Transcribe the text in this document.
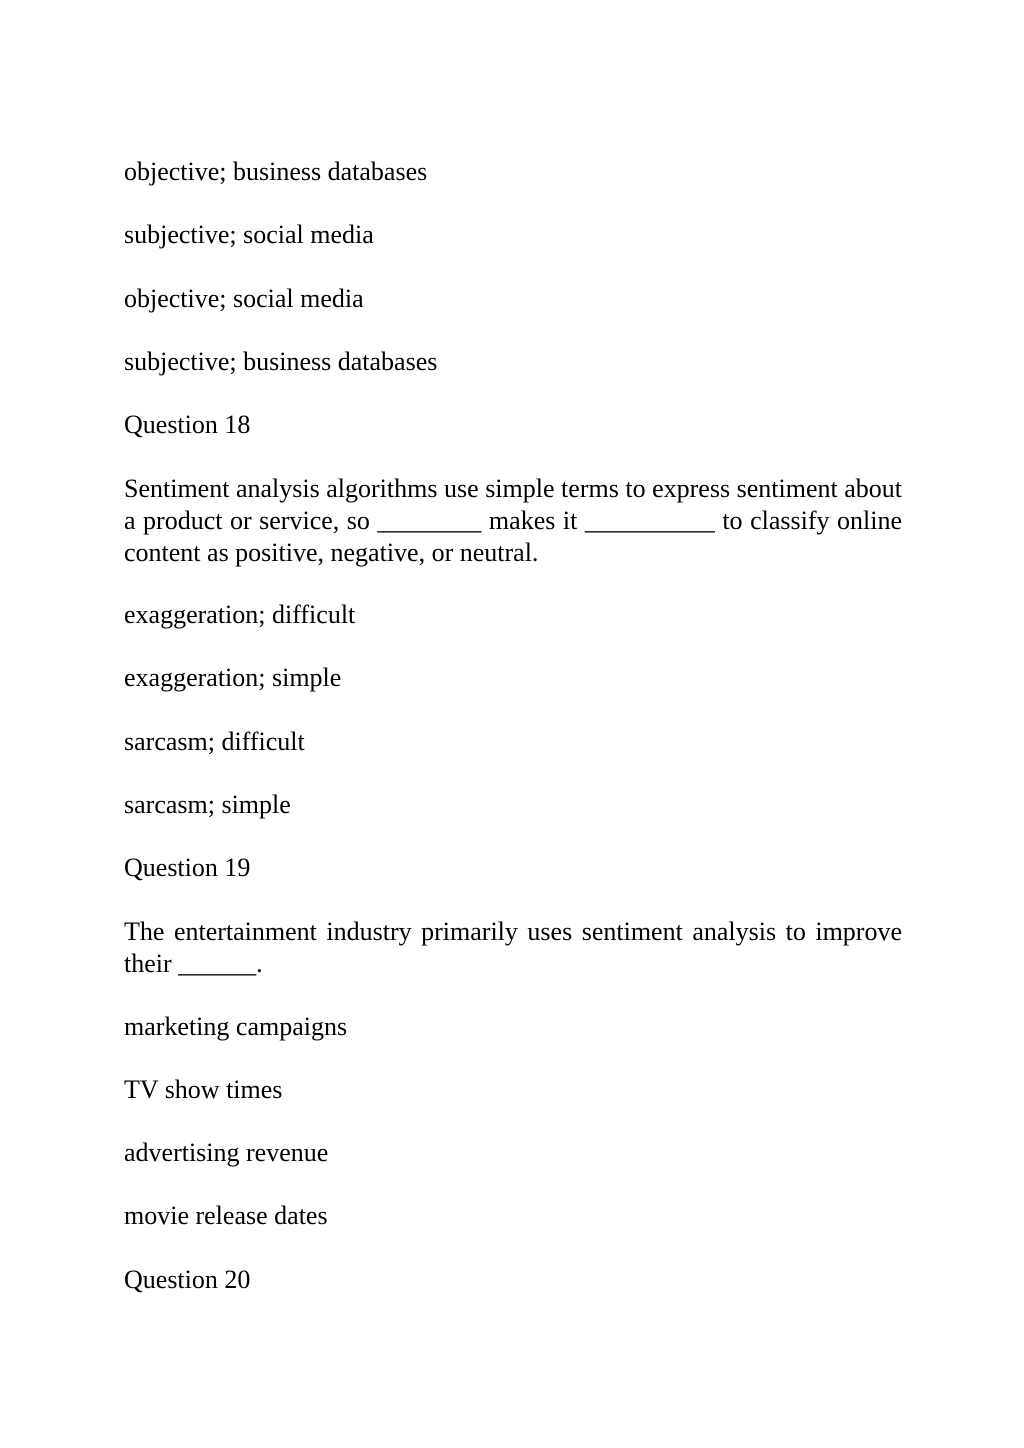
objective; business databases

subjective; social media

objective; social media

subjective; business databases

Question 18

Sentiment analysis algorithms use simple terms to express sentiment about a product or service, so ________ makes it __________ to classify online content as positive, negative, or neutral.

exaggeration; difficult

exaggeration; simple

sarcasm; difficult

sarcasm; simple

Question 19

The entertainment industry primarily uses sentiment analysis to improve their ______.

marketing campaigns

TV show times

advertising revenue

movie release dates

Question 20
